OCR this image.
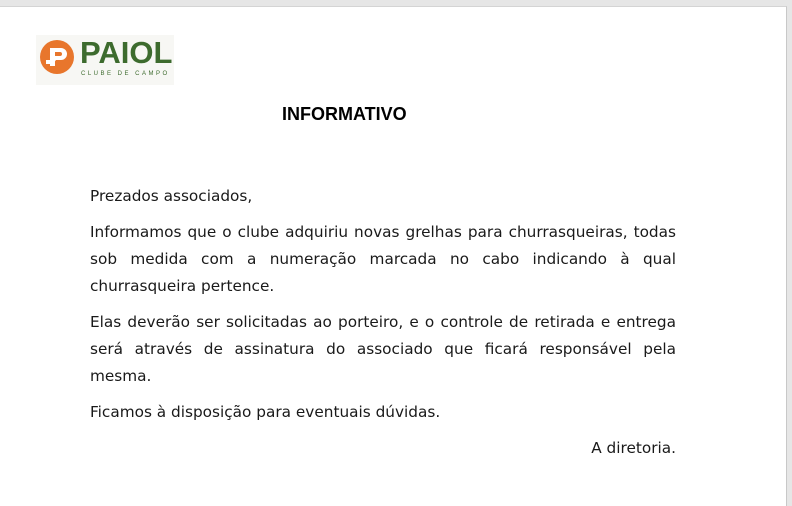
PAIOL
CLUBE DE CAMPO
INFORMATIVO

Prezados associados,

Informamos que o clube adquiriu novas grelhas para churrasqueiras, todas sob medida com a numeração marcada no cabo indicando à qual churrasqueira pertence.

Elas deverão ser solicitadas ao porteiro, e o controle de retirada e entrega será através de assinatura do associado que ficará responsável pela mesma.

Ficamos à disposição para eventuais dúvidas.

A diretoria.
